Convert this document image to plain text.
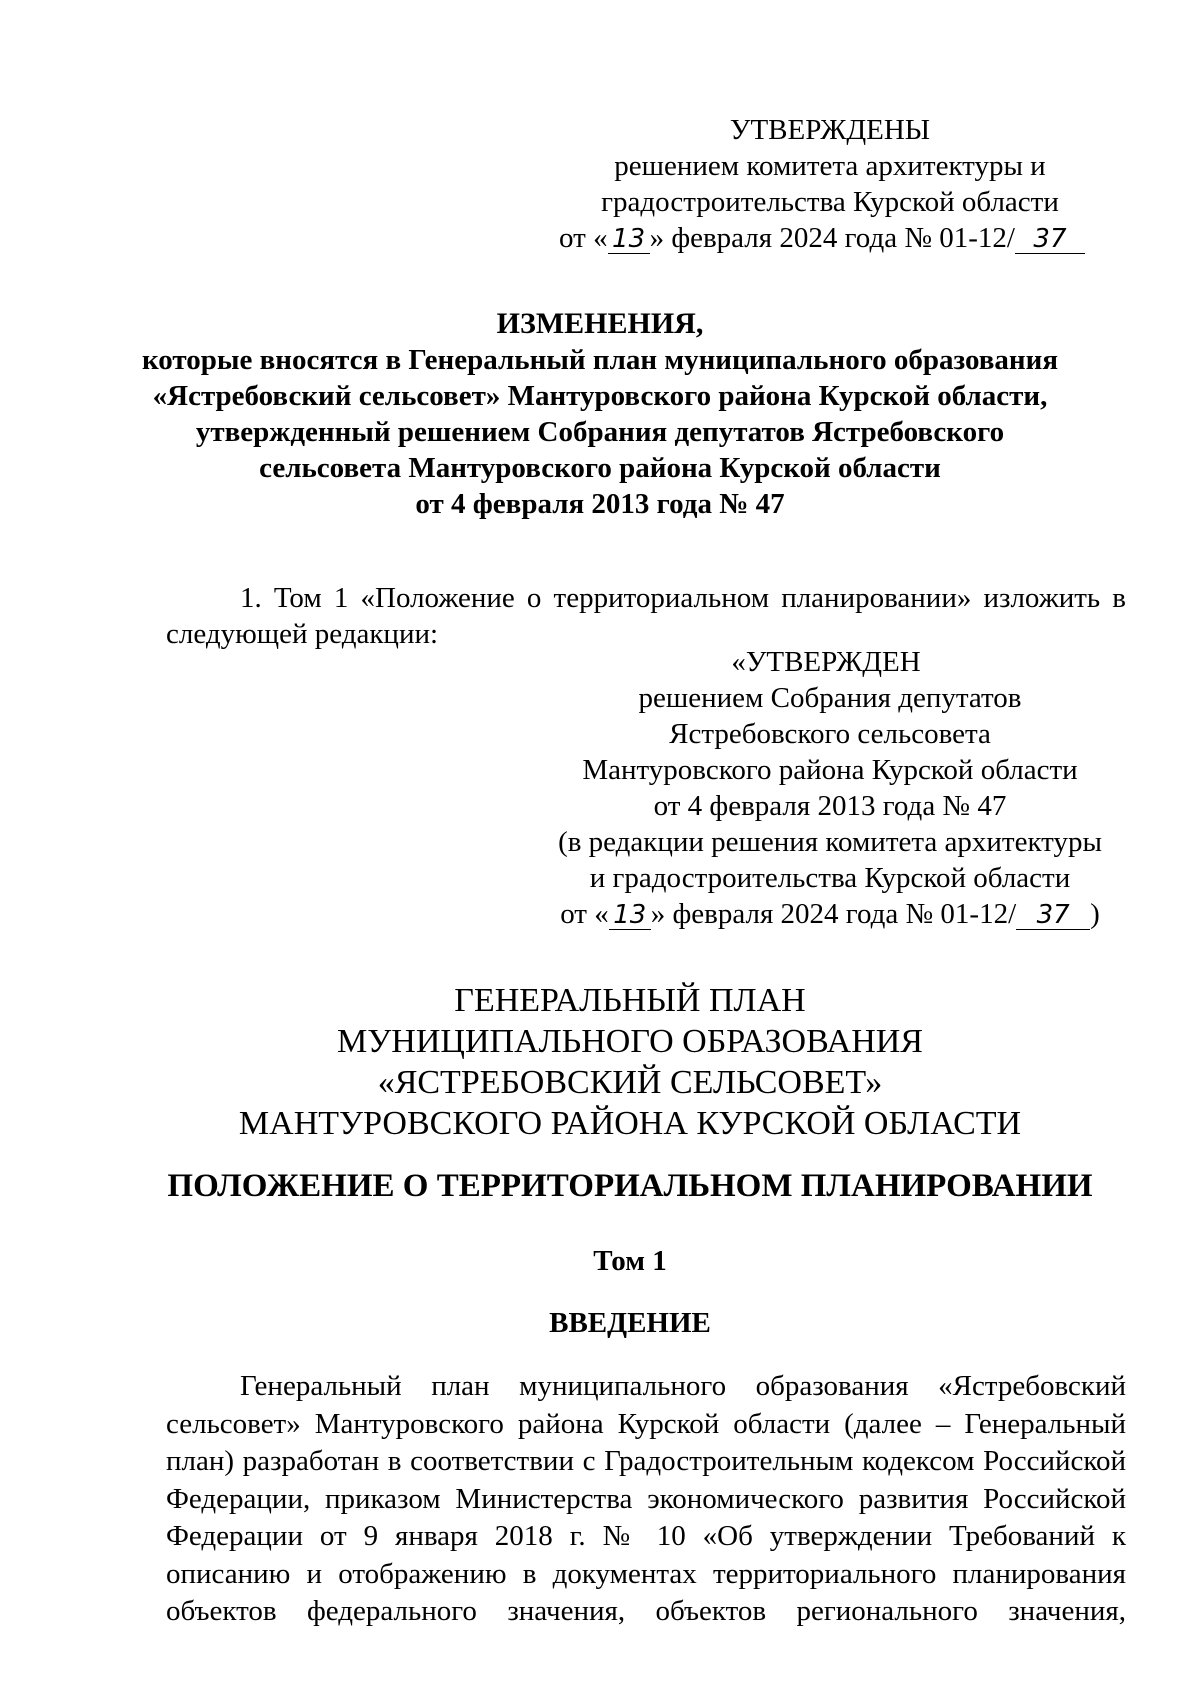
УТВЕРЖДЕНЫ
решением комитета архитектуры и
градостроительства Курской области
от « 13 » февраля 2024 года № 01-12/ 37
ИЗМЕНЕНИЯ,
которые вносятся в Генеральный план муниципального образования
«Ястребовский сельсовет» Мантуровского района Курской области,
утвержденный решением Собрания депутатов Ястребовского
сельсовета Мантуровского района Курской области
от 4 февраля 2013 года № 47
1. Том 1 «Положение о территориальном планировании» изложить в
следующей редакции:
«УТВЕРЖДЕН
решением Собрания депутатов
Ястребовского сельсовета
Мантуровского района Курской области
от 4 февраля 2013 года № 47
(в редакции решения комитета архитектуры
и градостроительства Курской области
от « 13 » февраля 2024 года № 01-12/ 37 )
ГЕНЕРАЛЬНЫЙ ПЛАН
МУНИЦИПАЛЬНОГО ОБРАЗОВАНИЯ
«ЯСТРЕБОВСКИЙ СЕЛЬСОВЕТ»
МАНТУРОВСКОГО РАЙОНА КУРСКОЙ ОБЛАСТИ
ПОЛОЖЕНИЕ О ТЕРРИТОРИАЛЬНОМ ПЛАНИРОВАНИИ
Том 1
ВВЕДЕНИЕ
Генеральный план муниципального образования «Ястребовский
сельсовет» Мантуровского района Курской области (далее – Генеральный
план) разработан в соответствии с Градостроительным кодексом Российской
Федерации, приказом Министерства экономического развития Российской
Федерации от 9 января 2018 г. № 10 «Об утверждении Требований к
описанию и отображению в документах территориального планирования
объектов федерального значения, объектов регионального значения,
